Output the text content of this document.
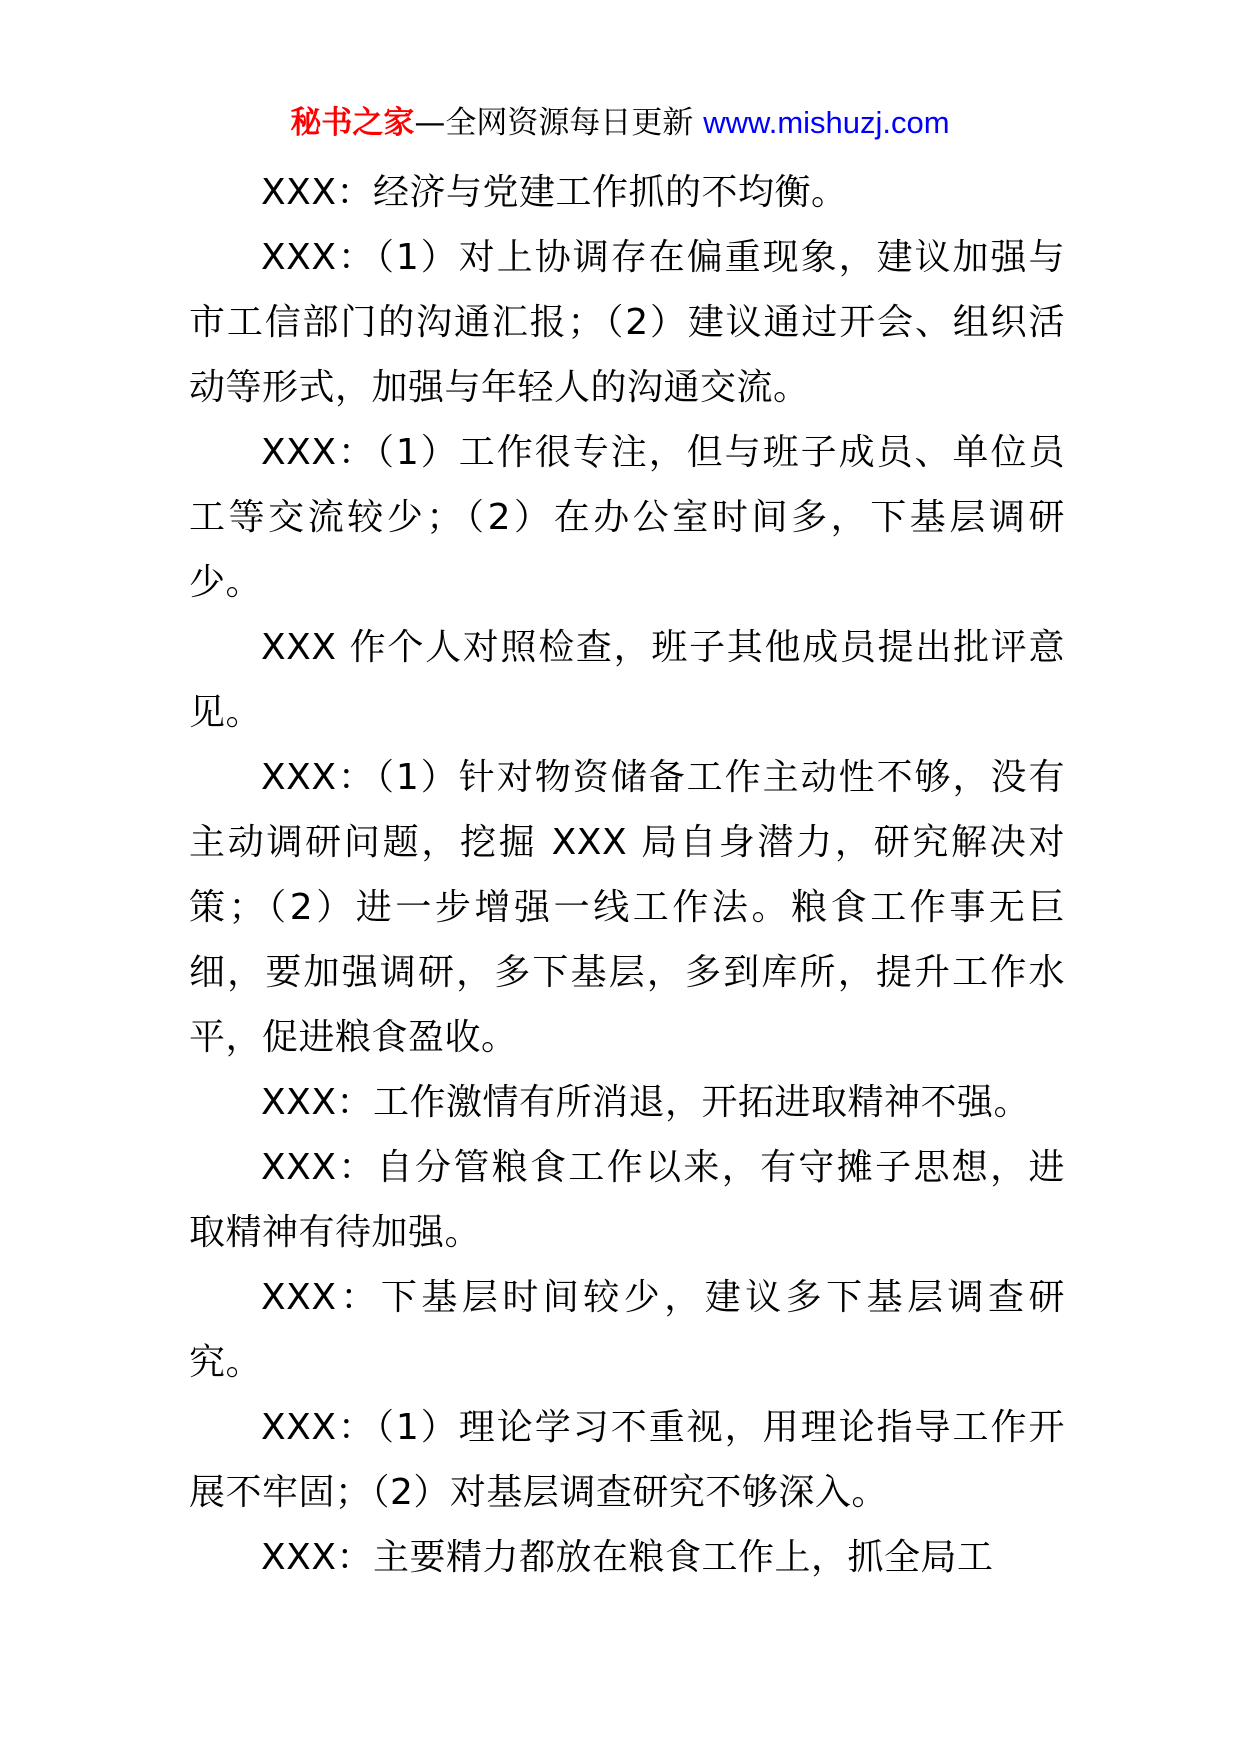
秘书之家—全网资源每日更新 www.mishuzj.com

XXX：经济与党建工作抓的不均衡。

XXX：（1）对上协调存在偏重现象，建议加强与市工信部门的沟通汇报；（2）建议通过开会、组织活动等形式，加强与年轻人的沟通交流。

XXX：（1）工作很专注，但与班子成员、单位员工等交流较少；（2）在办公室时间多，下基层调研少。

XXX 作个人对照检查，班子其他成员提出批评意见。

XXX：（1）针对物资储备工作主动性不够，没有主动调研问题，挖掘 XXX 局自身潜力，研究解决对策；（2）进一步增强一线工作法。粮食工作事无巨细，要加强调研，多下基层，多到库所，提升工作水平，促进粮食盈收。

XXX：工作激情有所消退，开拓进取精神不强。

XXX：自分管粮食工作以来，有守摊子思想，进取精神有待加强。

XXX：下基层时间较少，建议多下基层调查研究。

XXX：（1）理论学习不重视，用理论指导工作开展不牢固；（2）对基层调查研究不够深入。

XXX：主要精力都放在粮食工作上，抓全局工
